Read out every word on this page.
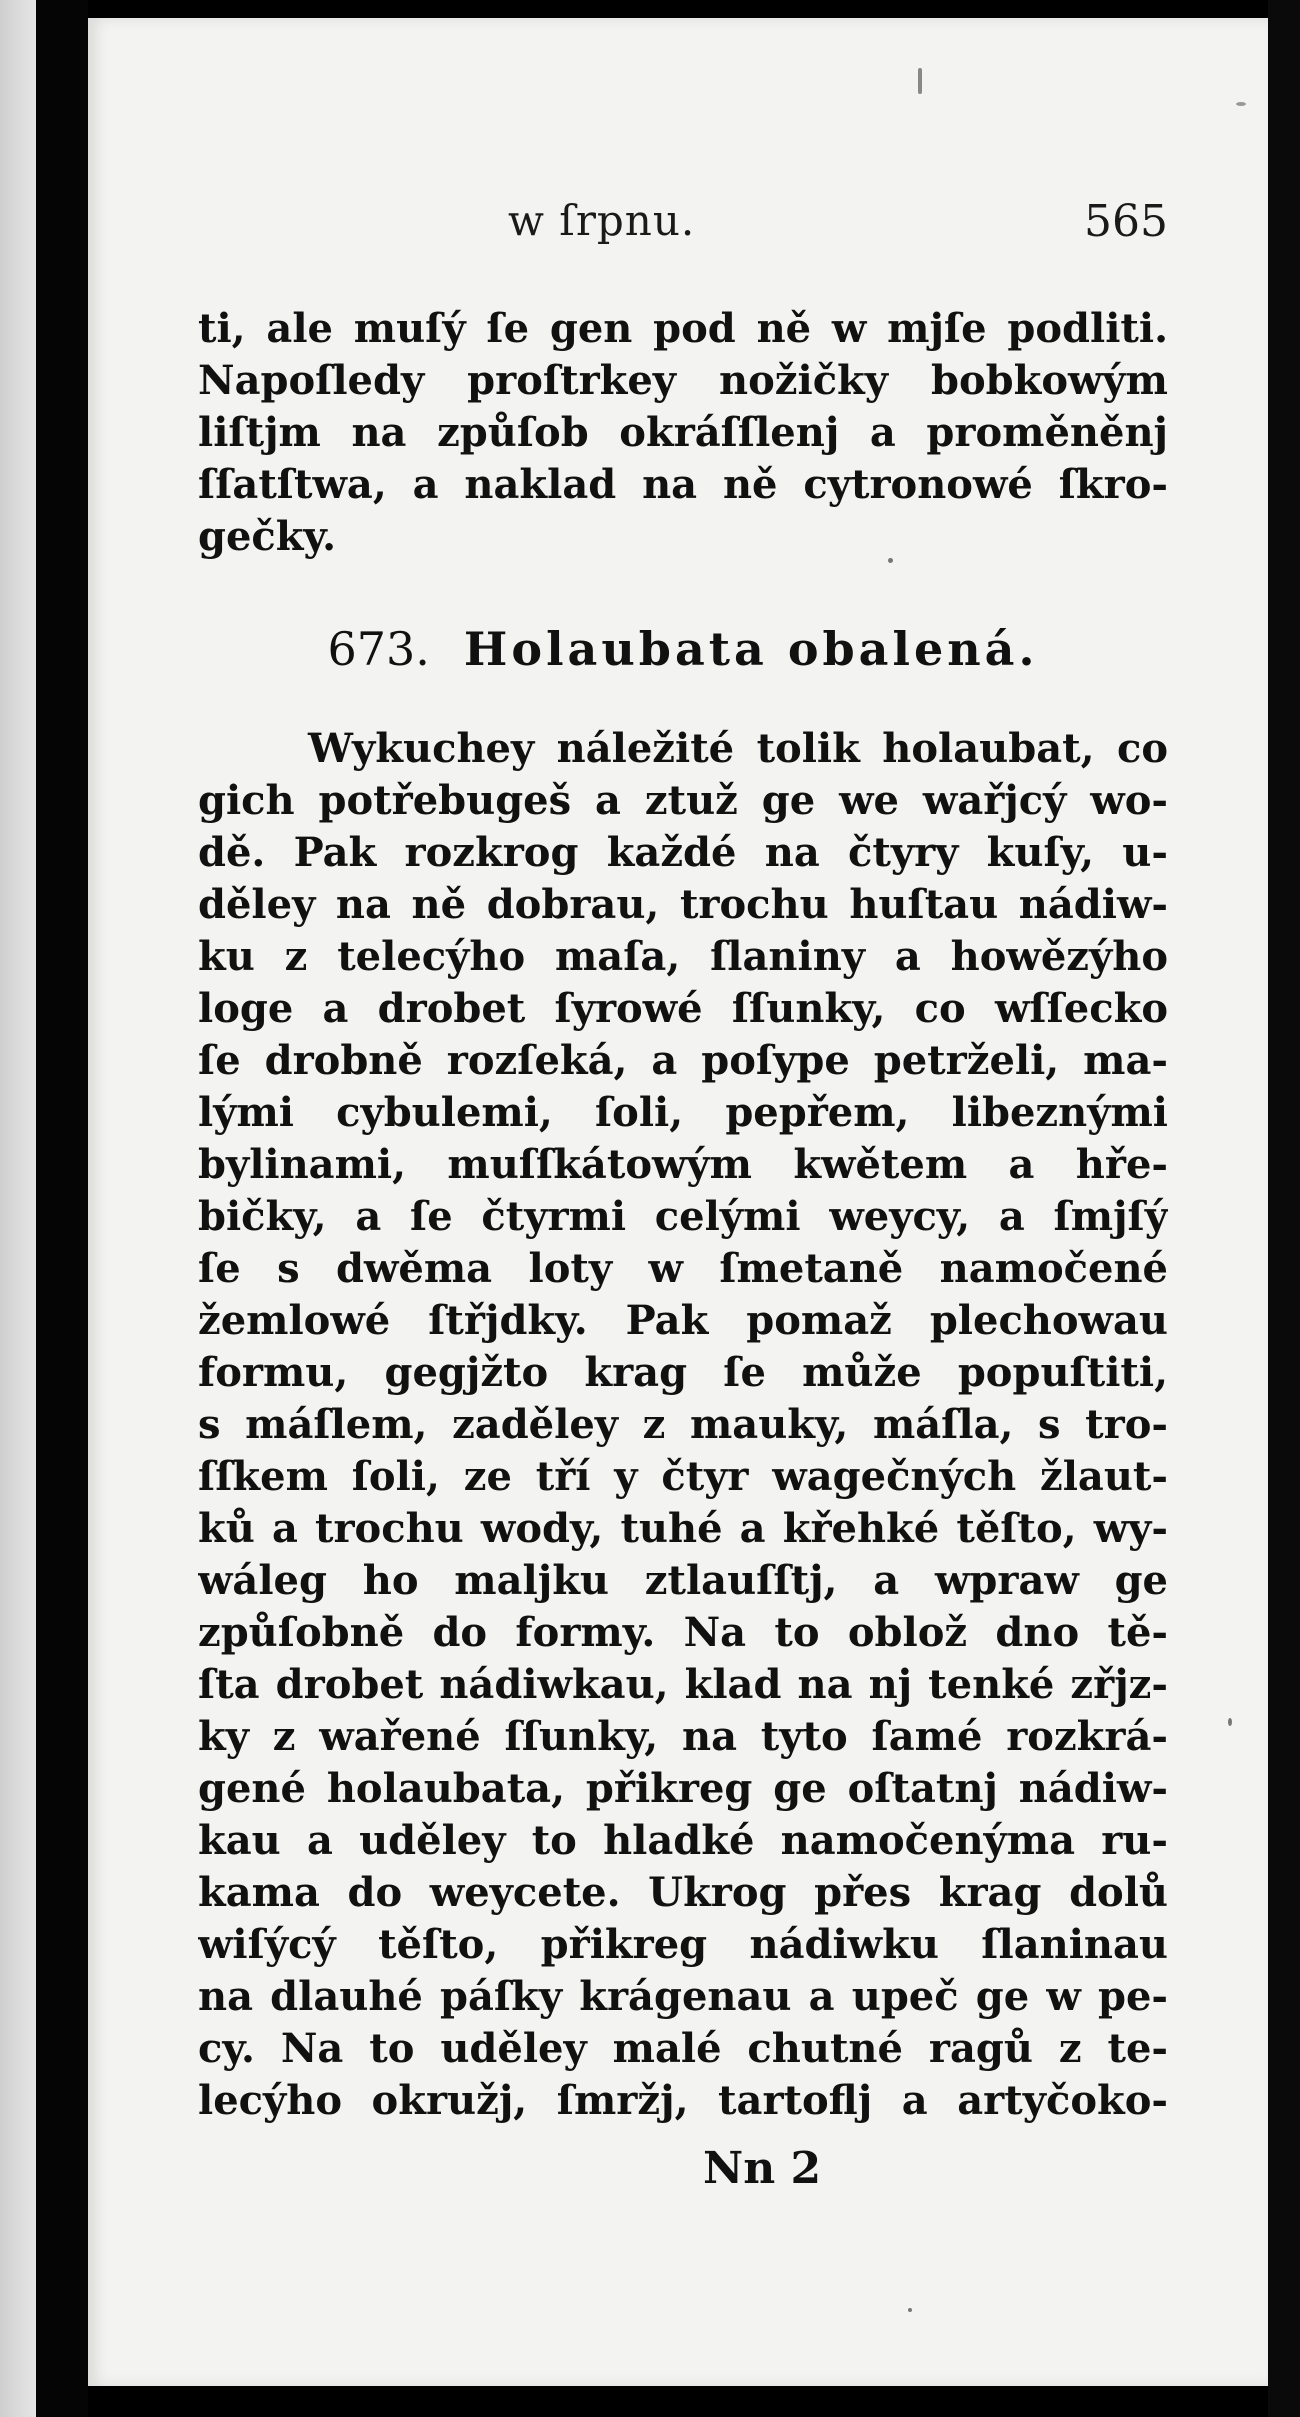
w ſrpnu.	565
ti, ale muſý ſe gen pod ně w mjſe podliti.
Napoſledy proſtrkey nožičky bobkowým
liſtjm na způſob okráſſlenj a proměněnj
ſſatſtwa, a naklad na ně cytronowé ſkro-
gečky.
673. Holaubata obalená.
Wykuchey náležité tolik holaubat, co
gich potřebugeš a ztuž ge we wařjcý wo-
dě. Pak rozkrog každé na čtyry kuſy, u-
děley na ně dobrau, trochu huſtau nádiw-
ku z telecýho maſa, ſlaniny a howězýho
loge a drobet ſyrowé ſſunky, co wſſecko
ſe drobně rozſeká, a poſype petrželi, ma-
lými cybulemi, ſoli, pepřem, libeznými
bylinami, muſſkátowým kwětem a hře-
bičky, a ſe čtyrmi celými weycy, a ſmjſý
ſe s dwěma loty w ſmetaně namočené
žemlowé ſtřjdky. Pak pomaž plechowau
formu, gegjžto krag ſe může popuſtiti,
s máſlem, zaděley z mauky, máſla, s tro-
ſſkem ſoli, ze tří y čtyr wagečných žlaut-
ků a trochu wody, tuhé a křehké těſto, wy-
wáleg ho maljku ztlauſſtj, a wpraw ge
způſobně do formy. Na to oblož dno tě-
ſta drobet nádiwkau, klad na nj tenké zřjz-
ky z wařené ſſunky, na tyto ſamé rozkrá-
gené holaubata, přikreg ge oſtatnj nádiw-
kau a uděley to hladké namočenýma ru-
kama do weycete. Ukrog přes krag dolů
wiſýcý těſto, přikreg nádiwku ſlaninau
na dlauhé páſky krágenau a upeč ge w pe-
cy. Na to uděley malé chutné ragů z te-
lecýho okružj, ſmržj, tartoflj a artyčoko-
Nn 2
